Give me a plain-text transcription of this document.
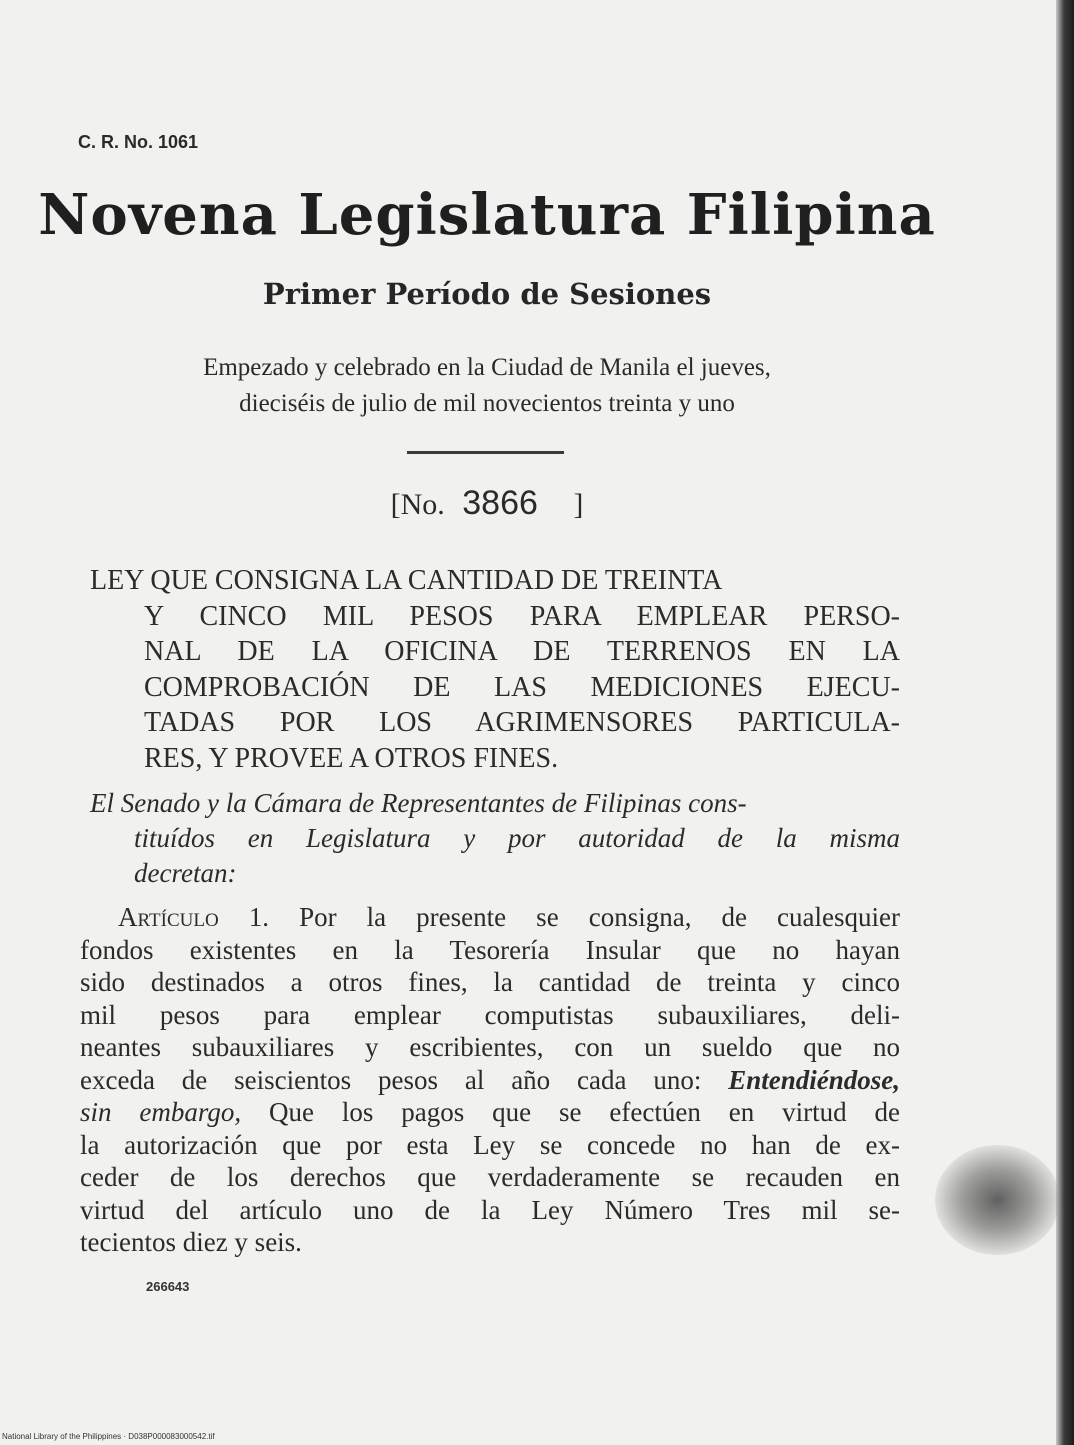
C. R. No. 1061
Novena Legislatura Filipina
Primer Período de Sesiones
Empezado y celebrado en la Ciudad de Manila el jueves,
dieciséis de julio de mil novecientos treinta y uno
[No. 3866 ]
LEY QUE CONSIGNA LA CANTIDAD DE TREINTA
Y CINCO MIL PESOS PARA EMPLEAR PERSO-
NAL DE LA OFICINA DE TERRENOS EN LA
COMPROBACIÓN DE LAS MEDICIONES EJECU-
TADAS POR LOS AGRIMENSORES PARTICULA-
RES, Y PROVEE A OTROS FINES.
El Senado y la Cámara de Representantes de Filipinas cons-
tituídos en Legislatura y por autoridad de la misma
decretan:
Artículo 1. Por la presente se consigna, de cualesquier
fondos existentes en la Tesorería Insular que no hayan
sido destinados a otros fines, la cantidad de treinta y cinco
mil pesos para emplear computistas subauxiliares, deli-
neantes subauxiliares y escribientes, con un sueldo que no
exceda de seiscientos pesos al año cada uno: Entendiéndose,
sin embargo, Que los pagos que se efectúen en virtud de
la autorización que por esta Ley se concede no han de ex-
ceder de los derechos que verdaderamente se recauden en
virtud del artículo uno de la Ley Número Tres mil se-
tecientos diez y seis.
266643
National Library of the Philippines · D038P000083000542.tif
